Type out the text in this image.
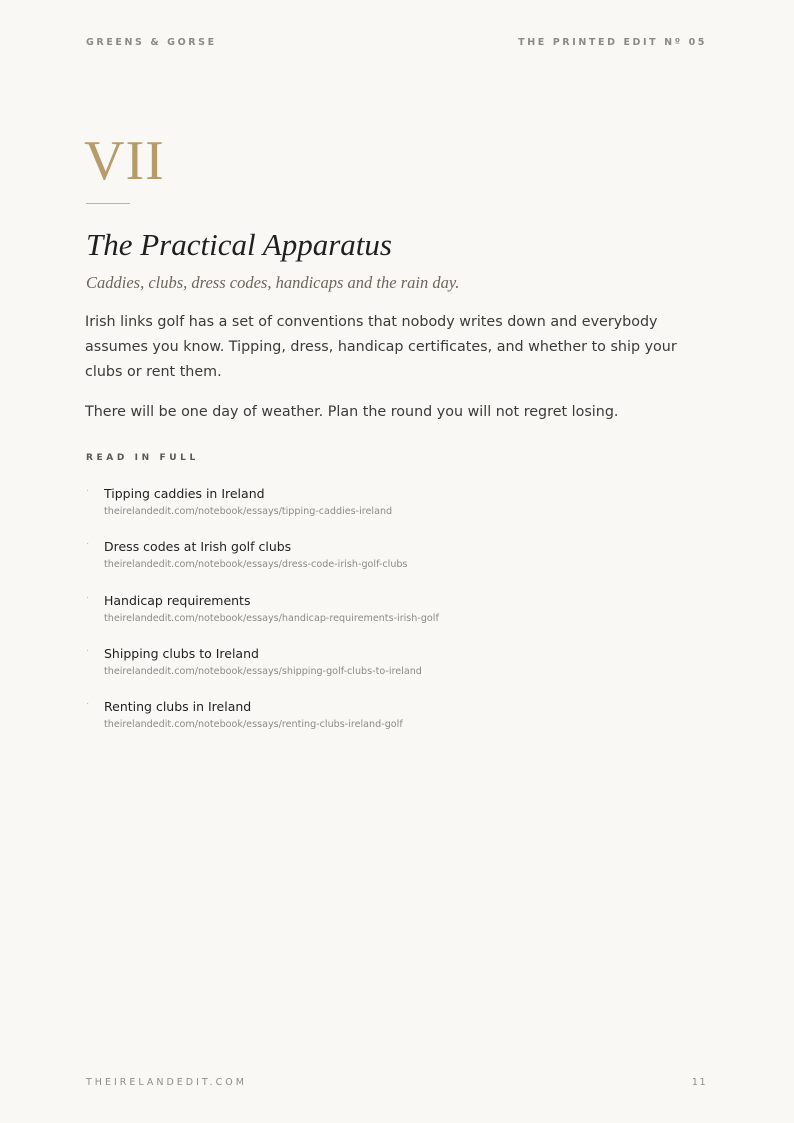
GREENS & GORSE	THE PRINTED EDIT Nº 05
VII
The Practical Apparatus

Caddies, clubs, dress codes, handicaps and the rain day.

Irish links golf has a set of conventions that nobody writes down and everybody assumes you know. Tipping, dress, handicap certificates, and whether to ship your clubs or rent them.

There will be one day of weather. Plan the round you will not regret losing.

READ IN FULL
· Tipping caddies in Ireland
theirelandedit.com/notebook/essays/tipping-caddies-ireland
· Dress codes at Irish golf clubs
theirelandedit.com/notebook/essays/dress-code-irish-golf-clubs
· Handicap requirements
theirelandedit.com/notebook/essays/handicap-requirements-irish-golf
· Shipping clubs to Ireland
theirelandedit.com/notebook/essays/shipping-golf-clubs-to-ireland
· Renting clubs in Ireland
theirelandedit.com/notebook/essays/renting-clubs-ireland-golf
THEIRELANDEDIT.COM	11
